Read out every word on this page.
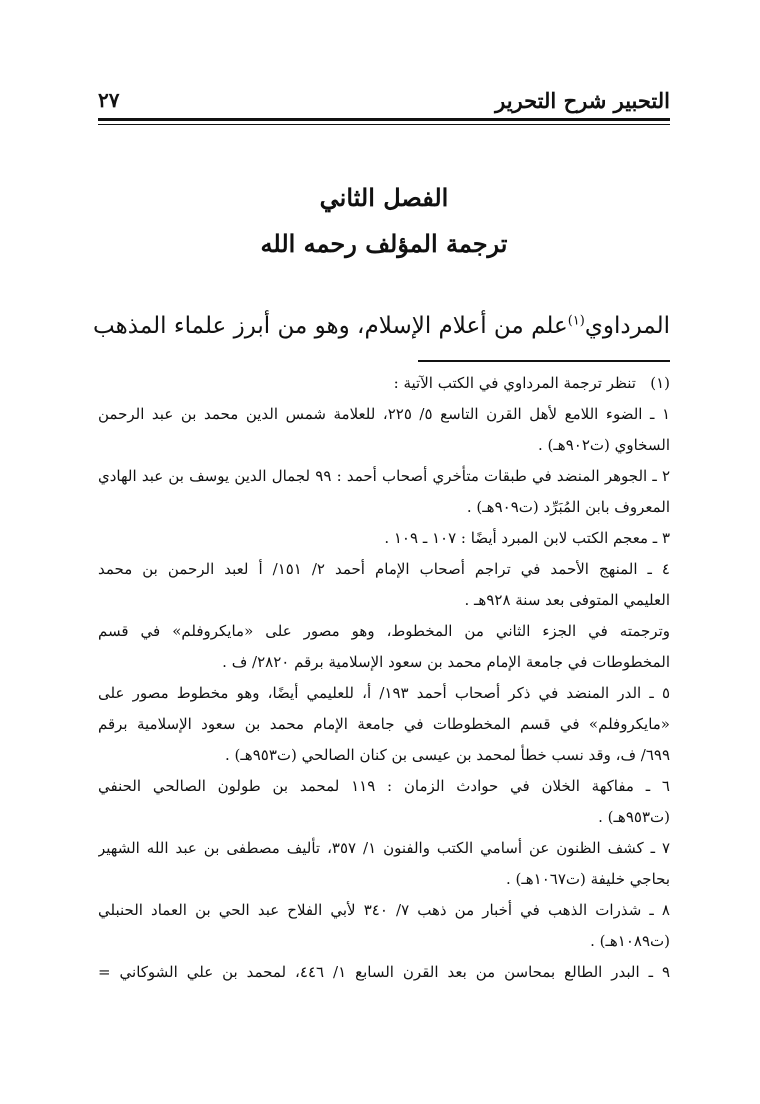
التحبير شرح التحرير
٢٧
الفصل الثاني
ترجمة المؤلف رحمه الله
المرداوي$^{(١)}$علم من أعلام الإسلام، وهو من أبرز علماء المذهب
(١)تنظر ترجمة المرداوي في الكتب الآتية :
١ ـ الضوء اللامع لأهل القرن التاسع ٥/ ٢٢٥، للعلامة شمس الدين محمد بن عبد الرحمن
السخاوي (ت٩٠٢هـ) .
٢ ـ الجوهر المنضد في طبقات متأخري أصحاب أحمد : ٩٩ لجمال الدين يوسف بن عبد الهادي
المعروف بابن المُبَرِّد (ت٩٠٩هـ) .
٣ ـ معجم الكتب لابن المبرد أيضًا : ١٠٧ ـ ١٠٩ .
٤ ـ المنهج الأحمد في تراجم أصحاب الإمام أحمد ٢/ ١٥١/ أ لعبد الرحمن بن محمد
العليمي المتوفى بعد سنة ٩٢٨هـ .
وترجمته في الجزء الثاني من المخطوط، وهو مصور على «مايكروفلم» في قسم
المخطوطات في جامعة الإمام محمد بن سعود الإسلامية برقم ٢٨٢٠/ ف .
٥ ـ الدر المنضد في ذكر أصحاب أحمد ١٩٣/ أ، للعليمي أيضًا، وهو مخطوط مصور على
«مايكروفلم» في قسم المخطوطات في جامعة الإمام محمد بن سعود الإسلامية برقم
٦٩٩/ ف، وقد نسب خطأ لمحمد بن عيسى بن كنان الصالحي (ت٩٥٣هـ) .
٦ ـ مفاكهة الخلان في حوادث الزمان : ١١٩ لمحمد بن طولون الصالحي الحنفي
(ت٩٥٣هـ) .
٧ ـ كشف الظنون عن أسامي الكتب والفنون ١/ ٣٥٧، تأليف مصطفى بن عبد الله الشهير
بحاجي خليفة (ت١٠٦٧هـ) .
٨ ـ شذرات الذهب في أخبار من ذهب ٧/ ٣٤٠ لأبي الفلاح عبد الحي بن العماد الحنبلي
(ت١٠٨٩هـ) .
٩ ـ البدر الطالع بمحاسن من بعد القرن السابع ١/ ٤٤٦، لمحمد بن علي الشوكاني =
